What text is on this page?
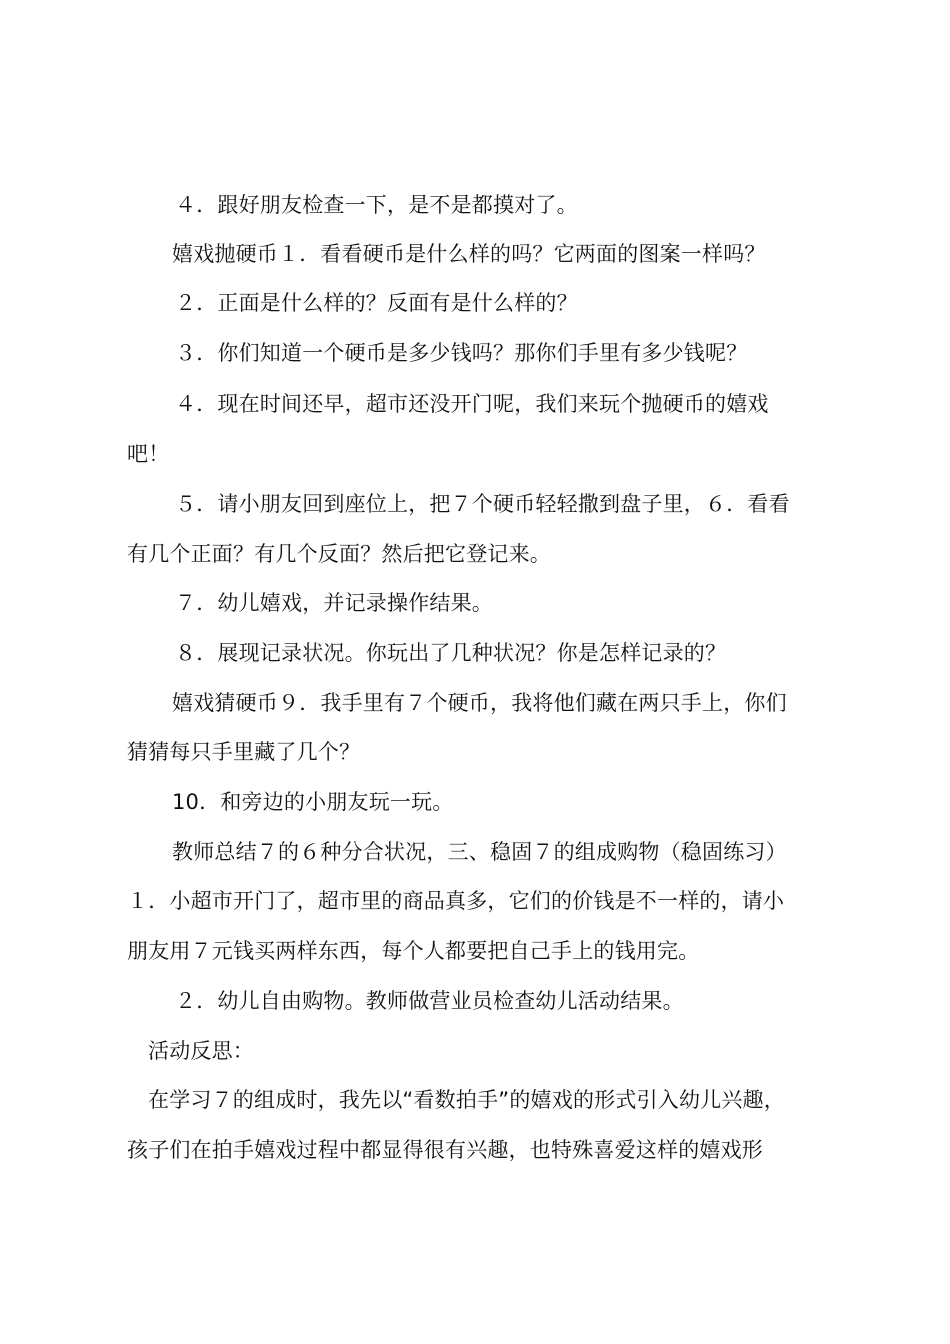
４．跟好朋友检查一下，是不是都摸对了。
嬉戏抛硬币１．看看硬币是什么样的吗？它两面的图案一样吗？
２．正面是什么样的？反面有是什么样的？
３．你们知道一个硬币是多少钱吗？那你们手里有多少钱呢？
４．现在时间还早，超市还没开门呢，我们来玩个抛硬币的嬉戏
吧！
５．请小朋友回到座位上，把７个硬币轻轻撒到盘子里，６．看看
有几个正面？有几个反面？然后把它登记来。
７．幼儿嬉戏，并记录操作结果。
８．展现记录状况。你玩出了几种状况？你是怎样记录的？
嬉戏猜硬币９．我手里有７个硬币，我将他们藏在两只手上，你们
猜猜每只手里藏了几个？
10．和旁边的小朋友玩一玩。
教师总结７的６种分合状况，三、稳固７的组成购物（稳固练习）
１．小超市开门了，超市里的商品真多，它们的价钱是不一样的，请小
朋友用７元钱买两样东西，每个人都要把自己手上的钱用完。
２．幼儿自由购物。教师做营业员检查幼儿活动结果。
活动反思：
在学习７的组成时，我先以“看数拍手”的嬉戏的形式引入幼儿兴趣，
孩子们在拍手嬉戏过程中都显得很有兴趣，也特殊喜爱这样的嬉戏形
